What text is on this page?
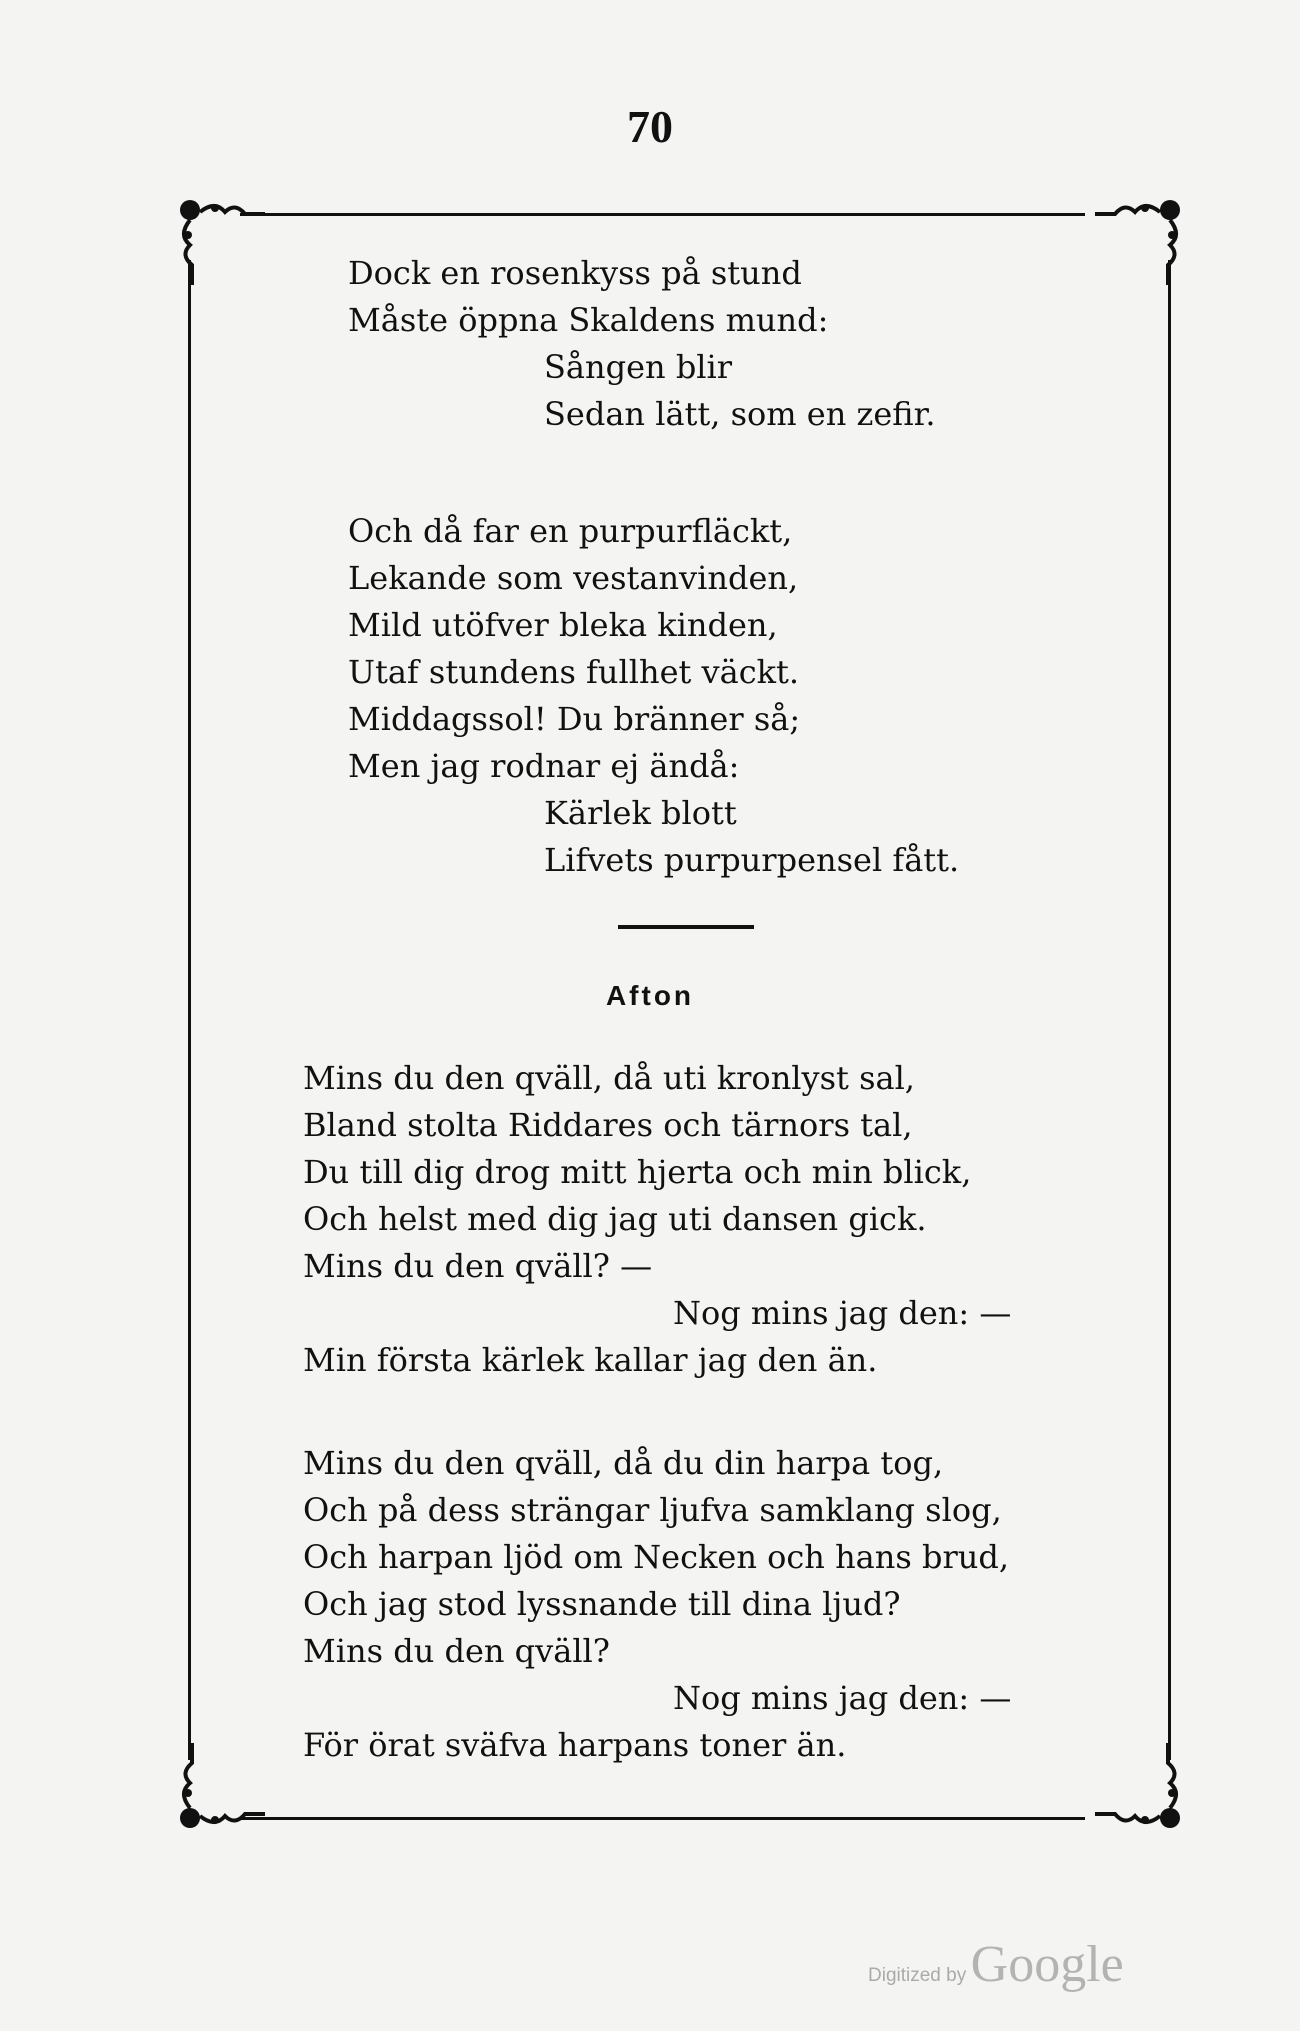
70
Dock en rosenkyss på stund
Måste öppna Skaldens mund:
Sången blir
Sedan lätt, som en zefir.
Och då far en purpurfläckt,
Lekande som vestanvinden,
Mild utöfver bleka kinden,
Utaf stundens fullhet väckt.
Middagssol! Du bränner så;
Men jag rodnar ej ändå:
Kärlek blott
Lifvets purpurpensel fått.
Afton
Mins du den qväll, då uti kronlyst sal,
Bland stolta Riddares och tärnors tal,
Du till dig drog mitt hjerta och min blick,
Och helst med dig jag uti dansen gick.
Mins du den qväll? —
Nog mins jag den: —
Min första kärlek kallar jag den än.
Mins du den qväll, då du din harpa tog,
Och på dess strängar ljufva samklang slog,
Och harpan ljöd om Necken och hans brud,
Och jag stod lyssnande till dina ljud?
Mins du den qväll?
Nog mins jag den: —
För örat sväfva harpans toner än.
Digitized by Google
